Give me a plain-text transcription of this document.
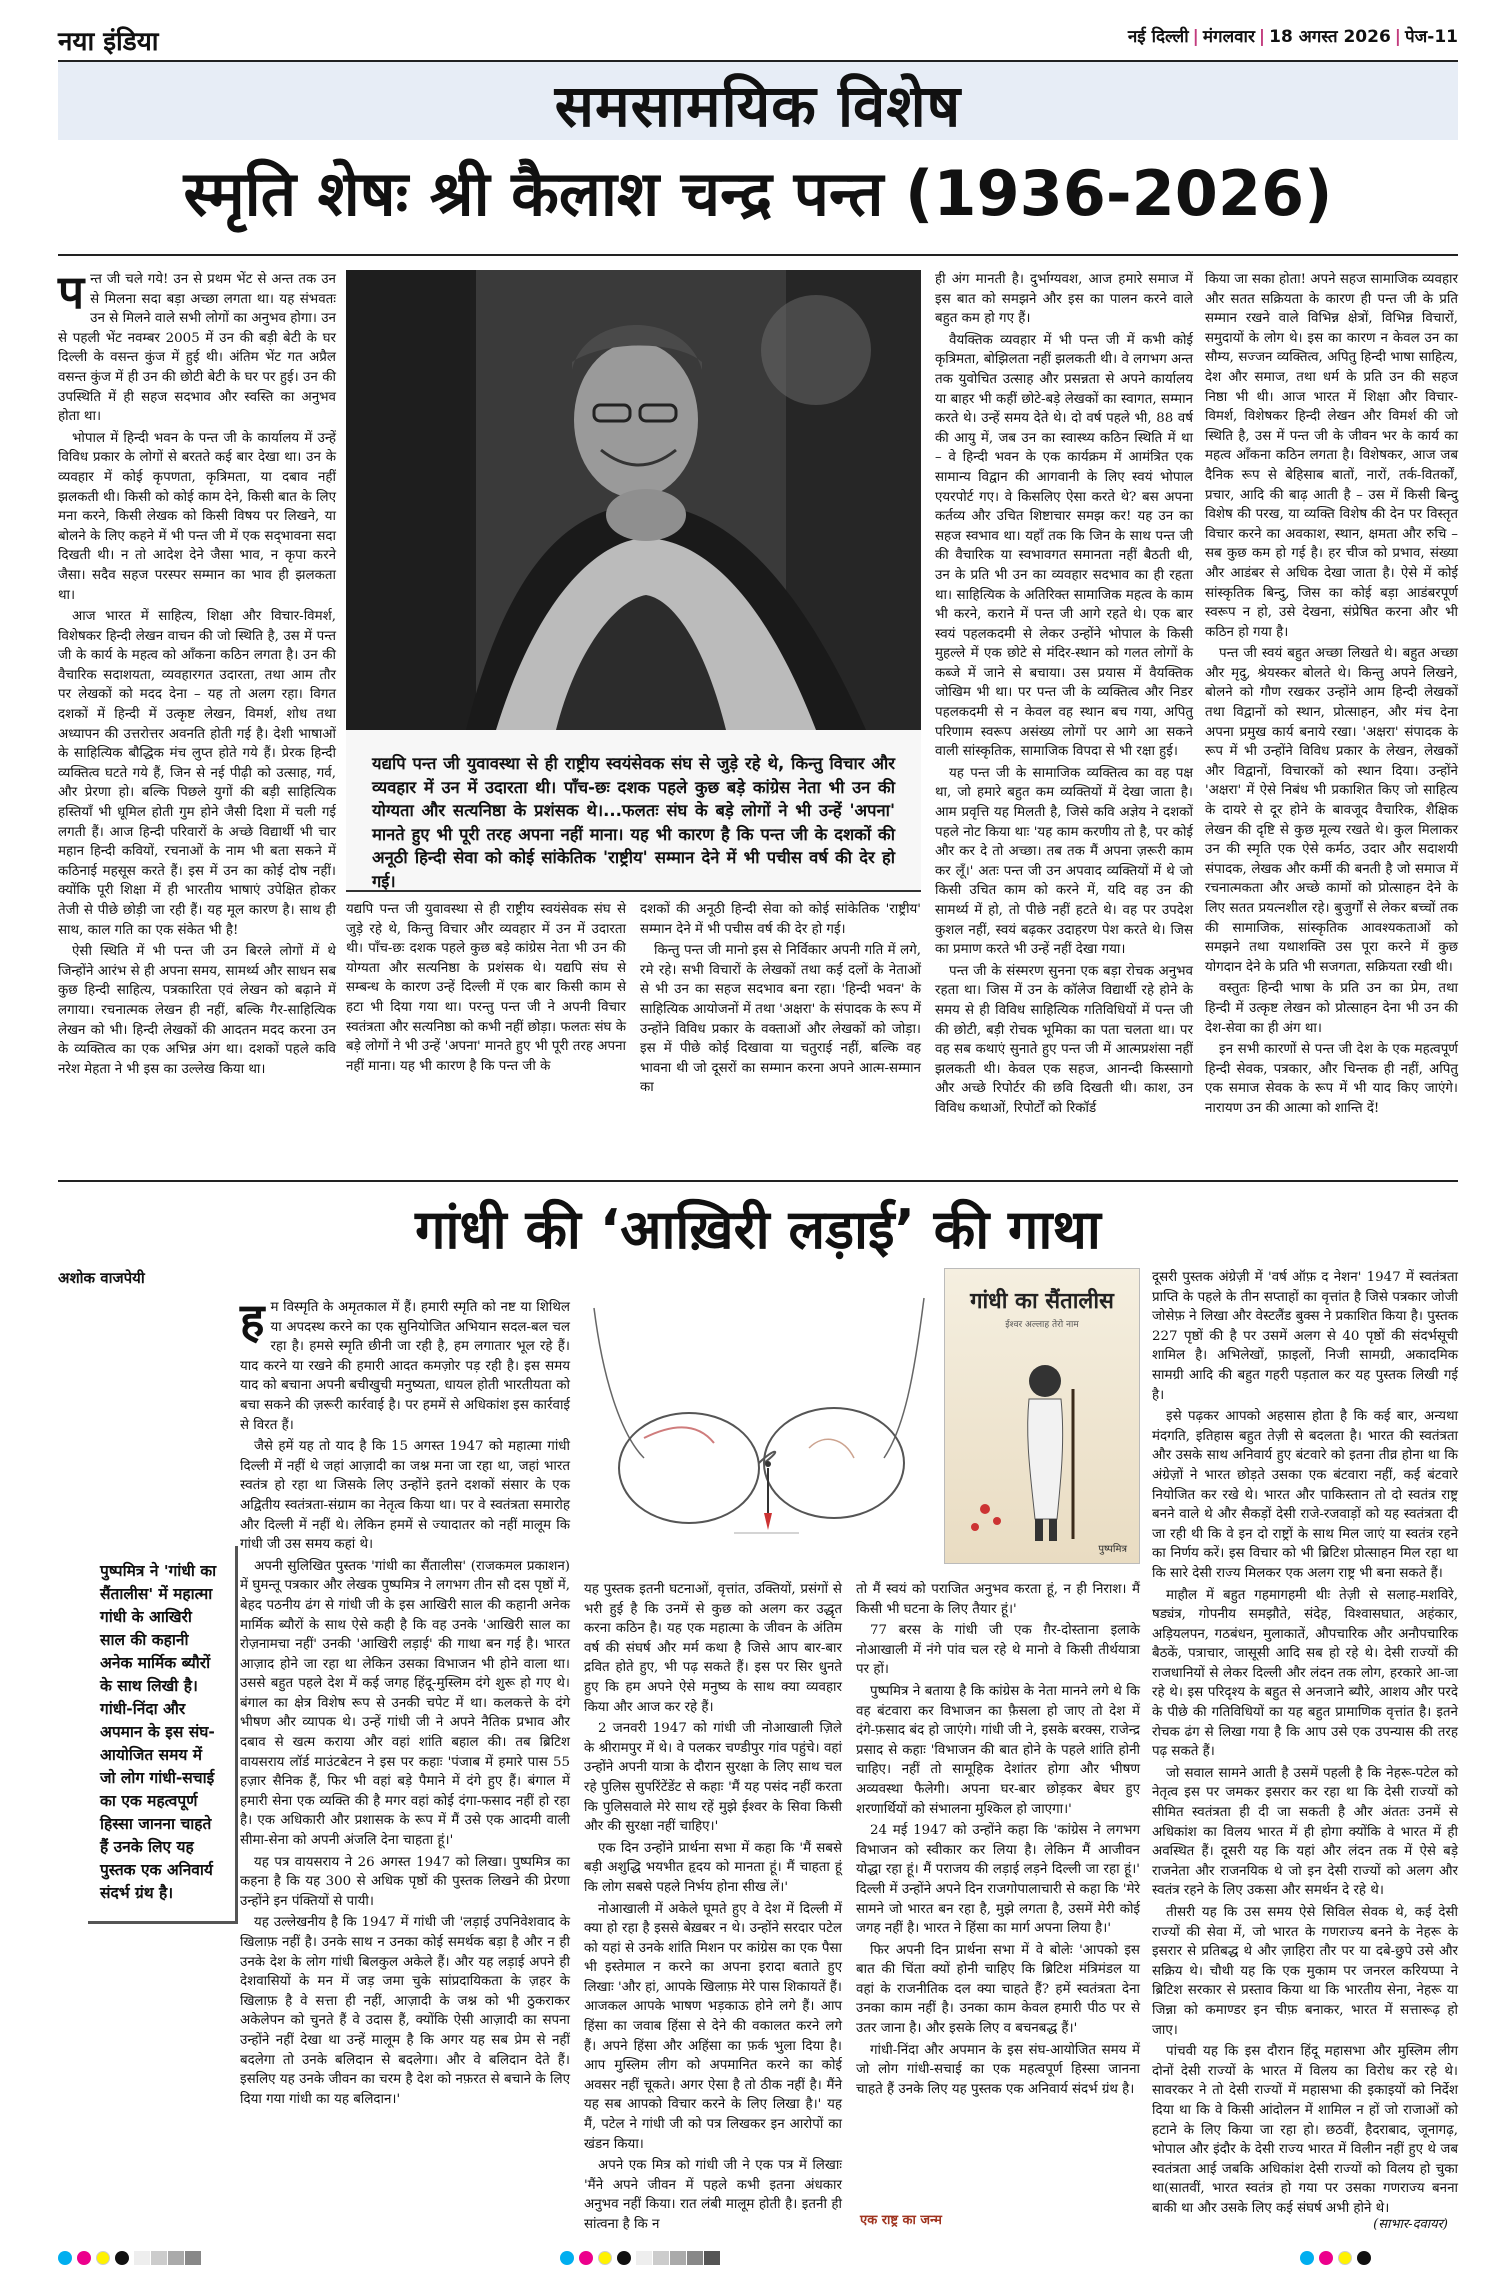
नया इंडिया	नई दिल्ली | मंगलवार | 18 अगस्त 2026 | पेज-11
समसामयिक विशेष
स्मृति शेषः श्री कैलाश चन्द्र पन्त (1936-2026)

पन्त जी चले गये! उन से प्रथम भेंट से अन्त तक उन से मिलना सदा बड़ा अच्छा लगता था। यह संभवतः उन से मिलने वाले सभी लोगों का अनुभव होगा। उन से पहली भेंट नवम्बर 2005 में उन की बड़ी बेटी के घर दिल्ली के वसन्त कुंज में हुई थी। अंतिम भेंट गत अप्रैल वसन्त कुंज में ही उन की छोटी बेटी के घर पर हुई। उन की उपस्थिति में ही सहज सदभाव और स्वस्ति का अनुभव होता था।

भोपाल में हिन्दी भवन के पन्त जी के कार्यालय में उन्हें विविध प्रकार के लोगों से बरतते कई बार देखा था। उन के व्यवहार में कोई कृपणता, कृत्रिमता, या दबाव नहीं झलकती थी। किसी को कोई काम देने, किसी बात के लिए मना करने, किसी लेखक को किसी विषय पर लिखने, या बोलने के लिए कहने में भी पन्त जी में एक सद्‌भावना सदा दिखती थी। न तो आदेश देने जैसा भाव, न कृपा करने जैसा। सदैव सहज परस्पर सम्मान का भाव ही झलकता था।

आज भारत में साहित्य, शिक्षा और विचार-विमर्श, विशेषकर हिन्दी लेखन वाचन की जो स्थिति है, उस में पन्त जी के कार्य के महत्व को आँकना कठिन लगता है। उन की वैचारिक सदाशयता, व्यवहारगत उदारता, तथा आम तौर पर लेखकों को मदद देना – यह तो अलग रहा। विगत दशकों में हिन्दी में उत्कृष्ट लेखन, विमर्श, शोध तथा अध्यापन की उत्तरोत्तर अवनति होती गई है। देशी भाषाओं के साहित्यिक बौद्धिक मंच लुप्त होते गये हैं। प्रेरक हिन्दी व्यक्तित्व घटते गये हैं, जिन से नई पीढ़ी को उत्साह, गर्व, और प्रेरणा हो। बल्कि पिछले युगों की बड़ी साहित्यिक हस्तियाँ भी धूमिल होती गुम होने जैसी दिशा में चली गई लगती हैं। आज हिन्दी परिवारों के अच्छे विद्यार्थी भी चार महान हिन्दी कवियों, रचनाओं के नाम भी बता सकने में कठिनाई महसूस करते हैं। इस में उन का कोई दोष नहीं। क्योंकि पूरी शिक्षा में ही भारतीय भाषाएं उपेक्षित होकर तेजी से पीछे छोड़ी जा रही हैं। यह मूल कारण है। साथ ही साथ, काल गति का एक संकेत भी है!

ऐसी स्थिति में भी पन्त जी उन बिरले लोगों में थे जिन्होंने आरंभ से ही अपना समय, सामर्थ्य और साधन सब कुछ हिन्दी साहित्य, पत्रकारिता एवं लेखन को बढ़ाने में लगाया। रचनात्मक लेखन ही नहीं, बल्कि गैर-साहित्यिक लेखन को भी। हिन्दी लेखकों की आदतन मदद करना उन के व्यक्तित्व का एक अभिन्न अंग था। दशकों पहले कवि नरेश मेहता ने भी इस का उल्लेख किया था।

यद्यपि पन्त जी युवावस्था से ही राष्ट्रीय स्वयंसेवक संघ से जुड़े रहे थे, किन्तु विचार और व्यवहार में उन में उदारता थी। पाँच-छः दशक पहले कुछ बड़े कांग्रेस नेता भी उन की योग्यता और सत्यनिष्ठा के प्रशंसक थे।...फलतः संघ के बड़े लोगों ने भी उन्हें 'अपना' मानते हुए भी पूरी तरह अपना नहीं माना। यह भी कारण है कि पन्त जी के दशकों की अनूठी हिन्दी सेवा को कोई सांकेतिक 'राष्ट्रीय' सम्मान देने में भी पचीस वर्ष की देर हो गई।

यद्यपि पन्त जी युवावस्था से ही राष्ट्रीय स्वयंसेवक संघ से जुड़े रहे थे, किन्तु विचार और व्यवहार में उन में उदारता थी। पाँच-छः दशक पहले कुछ बड़े कांग्रेस नेता भी उन की योग्यता और सत्यनिष्ठा के प्रशंसक थे। यद्यपि संघ से सम्बन्ध के कारण उन्हें दिल्ली में एक बार किसी काम से हटा भी दिया गया था। परन्तु पन्त जी ने अपनी विचार स्वतंत्रता और सत्यनिष्ठा को कभी नहीं छोड़ा। फलतः संघ के बड़े लोगों ने भी उन्हें 'अपना' मानते हुए भी पूरी तरह अपना नहीं माना। यह भी कारण है कि पन्त जी के

दशकों की अनूठी हिन्दी सेवा को कोई सांकेतिक 'राष्ट्रीय' सम्मान देने में भी पचीस वर्ष की देर हो गई।

किन्तु पन्त जी मानो इस से निर्विकार अपनी गति में लगे, रमे रहे। सभी विचारों के लेखकों तथा कई दलों के नेताओं से भी उन का सहज सदभाव बना रहा। 'हिन्दी भवन' के साहित्यिक आयोजनों में तथा 'अक्षरा' के संपादक के रूप में उन्होंने विविध प्रकार के वक्ताओं और लेखकों को जोड़ा। इस में पीछे कोई दिखावा या चतुराई नहीं, बल्कि वह भावना थी जो दूसरों का सम्मान करना अपने आत्म-सम्मान का

ही अंग मानती है। दुर्भाग्यवश, आज हमारे समाज में इस बात को समझने और इस का पालन करने वाले बहुत कम हो गए हैं।

वैयक्तिक व्यवहार में भी पन्त जी में कभी कोई कृत्रिमता, बोझिलता नहीं झलकती थी। वे लगभग अन्त तक युवोचित उत्साह और प्रसन्नता से अपने कार्यालय या बाहर भी कहीं छोटे-बड़े लेखकों का स्वागत, सम्मान करते थे। उन्हें समय देते थे। दो वर्ष पहले भी, 88 वर्ष की आयु में, जब उन का स्वास्थ्य कठिन स्थिति में था – वे हिन्दी भवन के एक कार्यक्रम में आमंत्रित एक सामान्य विद्वान की आगवानी के लिए स्वयं भोपाल एयरपोर्ट गए। वे किसलिए ऐसा करते थे? बस अपना कर्तव्य और उचित शिष्टाचार समझ कर! यह उन का सहज स्वभाव था। यहाँ तक कि जिन के साथ पन्त जी की वैचारिक या स्वभावगत समानता नहीं बैठती थी, उन के प्रति भी उन का व्यवहार सदभाव का ही रहता था। साहित्यिक के अतिरिक्त सामाजिक महत्व के काम भी करने, कराने में पन्त जी आगे रहते थे। एक बार स्वयं पहलकदमी से लेकर उन्होंने भोपाल के किसी मुहल्ले में एक छोटे से मंदिर-स्थान को गलत लोगों के कब्जे में जाने से बचाया। उस प्रयास में वैयक्तिक जोखिम भी था। पर पन्त जी के व्यक्तित्व और निडर पहलकदमी से न केवल वह स्थान बच गया, अपितु परिणाम स्वरूप असंख्य लोगों पर आगे आ सकने वाली सांस्कृतिक, सामाजिक विपदा से भी रक्षा हुई।

यह पन्त जी के सामाजिक व्यक्तित्व का वह पक्ष था, जो हमारे बहुत कम व्यक्तियों में देखा जाता है। आम प्रवृत्ति यह मिलती है, जिसे कवि अज्ञेय ने दशकों पहले नोट किया थाः 'यह काम करणीय तो है, पर कोई और कर दे तो अच्छा। तब तक मैं अपना ज़रूरी काम कर लूँ।' अतः पन्त जी उन अपवाद व्यक्तियों में थे जो किसी उचित काम को करने में, यदि वह उन की सामर्थ्य में हो, तो पीछे नहीं हटते थे। वह पर उपदेश कुशल नहीं, स्वयं बढ़कर उदाहरण पेश करते थे। जिस का प्रमाण करते भी उन्हें नहीं देखा गया।

पन्त जी के संस्मरण सुनना एक बड़ा रोचक अनुभव रहता था। जिस में उन के कॉलेज विद्यार्थी रहे होने के समय से ही विविध साहित्यिक गतिविधियों में पन्त जी की छोटी, बड़ी रोचक भूमिका का पता चलता था। पर वह सब कथाएं सुनाते हुए पन्त जी में आत्मप्रशंसा नहीं झलकती थी। केवल एक सहज, आनन्दी किस्सागो और अच्छे रिपोर्टर की छवि दिखती थी। काश, उन विविध कथाओं, रिपोर्टों को रिकॉर्ड

किया जा सका होता! अपने सहज सामाजिक व्यवहार और सतत सक्रियता के कारण ही पन्त जी के प्रति सम्मान रखने वाले विभिन्न क्षेत्रों, विभिन्न विचारों, समुदायों के लोग थे। इस का कारण न केवल उन का सौम्य, सज्जन व्यक्तित्व, अपितु हिन्दी भाषा साहित्य, देश और समाज, तथा धर्म के प्रति उन की सहज निष्ठा भी थी। आज भारत में शिक्षा और विचार-विमर्श, विशेषकर हिन्दी लेखन और विमर्श की जो स्थिति है, उस में पन्त जी के जीवन भर के कार्य का महत्व आँकना कठिन लगता है। विशेषकर, आज जब दैनिक रूप से बेहिसाब बातों, नारों, तर्क-वितर्कों, प्रचार, आदि की बाढ़ आती है – उस में किसी बिन्दु विशेष की परख, या व्यक्ति विशेष की देन पर विस्तृत विचार करने का अवकाश, स्थान, क्षमता और रुचि – सब कुछ कम हो गई है। हर चीज को प्रभाव, संख्या और आडंबर से अधिक देखा जाता है। ऐसे में कोई सांस्कृतिक बिन्दु, जिस का कोई बड़ा आडंबरपूर्ण स्वरूप न हो, उसे देखना, संप्रेषित करना और भी कठिन हो गया है।

पन्त जी स्वयं बहुत अच्छा लिखते थे। बहुत अच्छा और मृदु, श्रेयस्कर बोलते थे। किन्तु अपने लिखने, बोलने को गौण रखकर उन्होंने आम हिन्दी लेखकों तथा विद्वानों को स्थान, प्रोत्साहन, और मंच देना अपना प्रमुख कार्य बनाये रखा। 'अक्षरा' संपादक के रूप में भी उन्होंने विविध प्रकार के लेखन, लेखकों और विद्वानों, विचारकों को स्थान दिया। उन्होंने 'अक्षरा' में ऐसे निबंध भी प्रकाशित किए जो साहित्य के दायरे से दूर होने के बावजूद वैचारिक, शैक्षिक लेखन की दृष्टि से कुछ मूल्य रखते थे। कुल मिलाकर उन की स्मृति एक ऐसे कर्मठ, उदार और सदाशयी संपादक, लेखक और कर्मी की बनती है जो समाज में रचनात्मकता और अच्छे कामों को प्रोत्साहन देने के लिए सतत प्रयत्नशील रहे। बुजुर्गों से लेकर बच्चों तक की सामाजिक, सांस्कृतिक आवश्यकताओं को समझने तथा यथाशक्ति उस पूरा करने में कुछ योगदान देने के प्रति भी सजगता, सक्रियता रखी थी।

वस्तुतः हिन्दी भाषा के प्रति उन का प्रेम, तथा हिन्दी में उत्कृष्ट लेखन को प्रोत्साहन देना भी उन की देश-सेवा का ही अंग था।

इन सभी कारणों से पन्त जी देश के एक महत्वपूर्ण हिन्दी सेवक, पत्रकार, और चिन्तक ही नहीं, अपितु एक समाज सेवक के रूप में भी याद किए जाएंगे। नारायण उन की आत्मा को शान्ति दें!

गांधी की ‘आख़िरी लड़ाई’ की गाथा
अशोक वाजपेयी

हम विस्मृति के अमृतकाल में हैं। हमारी स्मृति को नष्ट या शिथिल या अपदस्थ करने का एक सुनियोजित अभियान सदल-बल चल रहा है। हमसे स्मृति छीनी जा रही है, हम लगातार भूल रहे हैं। याद करने या रखने की हमारी आदत कमज़ोर पड़ रही है। इस समय याद को बचाना अपनी बचीखुची मनुष्यता, धायल होती भारतीयता को बचा सकने की ज़रूरी कार्रवाई है। पर हममें से अधिकांश इस कार्रवाई से विरत हैं।

जैसे हमें यह तो याद है कि 15 अगस्त 1947 को महात्मा गांधी दिल्ली में नहीं थे जहां आज़ादी का जश्न मना जा रहा था, जहां भारत स्वतंत्र हो रहा था जिसके लिए उन्होंने इतने दशकों संसार के एक अद्वितीय स्वतंत्रता-संग्राम का नेतृत्व किया था। पर वे स्वतंत्रता समारोह और दिल्ली में नहीं थे। लेकिन हममें से ज्यादातर को नहीं मालूम कि गांधी जी उस समय कहां थे।

अपनी सुलिखित पुस्तक 'गांधी का सैंतालीस' (राजकमल प्रकाशन) में घुमन्तू पत्रकार और लेखक पुष्पमित्र ने लगभग तीन सौ दस पृष्ठों में, बेहद पठनीय ढंग से गांधी जी के इस आखिरी साल की कहानी अनेक मार्मिक ब्यौरों के साथ ऐसे कही है कि वह उनके 'आखिरी साल का रोज़नामचा नहीं' उनकी 'आखिरी लड़ाई' की गाथा बन गई है। भारत आज़ाद होने जा रहा था लेकिन उसका विभाजन भी होने वाला था। उससे बहुत पहले देश में कई जगह हिंदू-मुस्लिम दंगे शुरू हो गए थे। बंगाल का क्षेत्र विशेष रूप से उनकी चपेट में था। कलकत्ते के दंगे भीषण और व्यापक थे। उन्हें गांधी जी ने अपने नैतिक प्रभाव और दबाव से खत्म कराया और वहां शांति बहाल की। तब ब्रिटिश वायसराय लॉर्ड माउंटबेटन ने इस पर कहाः 'पंजाब में हमारे पास 55 हज़ार सैनिक हैं, फिर भी वहां बड़े पैमाने में दंगे हुए हैं। बंगाल में हमारी सेना एक व्यक्ति की है मगर वहां कोई दंगा-फसाद नहीं हो रहा है। एक अधिकारी और प्रशासक के रूप में मैं उसे एक आदमी वाली सीमा-सेना को अपनी अंजलि देना चाहता हूं।'

यह पत्र वायसराय ने 26 अगस्त 1947 को लिखा। पुष्पमित्र का कहना है कि यह 300 से अधिक पृष्ठों की पुस्तक लिखने की प्रेरणा उन्होंने इन पंक्तियों से पायी।

यह उल्लेखनीय है कि 1947 में गांधी जी 'लड़ाई उपनिवेशवाद के खिलाफ़ नहीं है। उनके साथ न उनका कोई समर्थक बड़ा है और न ही उनके देश के लोग गांधी बिलकुल अकेले हैं। और यह लड़ाई अपने ही देशवासियों के मन में जड़ जमा चुके सांप्रदायिकता के ज़हर के खिलाफ़ है वे सत्ता ही नहीं, आज़ादी के जश्न को भी ठुकराकर अकेलेपन को चुनते हैं वे उदास हैं, क्योंकि ऐसी आज़ादी का सपना उन्होंने नहीं देखा था उन्हें मालूम है कि अगर यह सब प्रेम से नहीं बदलेगा तो उनके बलिदान से बदलेगा। और वे बलिदान देते हैं। इसलिए यह उनके जीवन का चरम है देश को नफ़रत से बचाने के लिए दिया गया गांधी का यह बलिदान।'

पुष्पमित्र ने 'गांधी का सैंतालीस' में महात्मा गांधी के आखिरी साल की कहानी अनेक मार्मिक ब्यौरों के साथ लिखी है। गांधी-निंदा और अपमान के इस संघ-आयोजित समय में जो लोग गांधी-सचाई का एक महत्वपूर्ण हिस्सा जानना चाहते हैं उनके लिए यह पुस्तक एक अनिवार्य संदर्भ ग्रंथ है।

यह पुस्तक इतनी घटनाओं, वृत्तांत, उक्तियों, प्रसंगों से भरी हुई है कि उनमें से कुछ को अलग कर उद्धृत करना कठिन है। यह एक महात्मा के जीवन के अंतिम वर्ष की संघर्ष और मर्म कथा है जिसे आप बार-बार द्रवित होते हुए, भी पढ़ सकते हैं। इस पर सिर धुनते हुए कि हम अपने ऐसे मनुष्य के साथ क्या व्यवहार किया और आज कर रहे हैं।

2 जनवरी 1947 को गांधी जी नोआखाली ज़िले के श्रीरामपुर में थे। वे पलकर चण्डीपुर गांव पहुंचे। वहां उन्होंने अपनी यात्रा के दौरान सुरक्षा के लिए साथ चल रहे पुलिस सुपरिंटेंडेंट से कहाः 'मैं यह पसंद नहीं करता कि पुलिसवाले मेरे साथ रहें मुझे ईश्वर के सिवा किसी और की सुरक्षा नहीं चाहिए।'

एक दिन उन्होंने प्रार्थना सभा में कहा कि 'मैं सबसे बड़ी अशुद्धि भयभीत हृदय को मानता हूं। मैं चाहता हूं कि लोग सबसे पहले निर्भय होना सीख लें।'

नोआखाली में अकेले घूमते हुए वे देश में दिल्ली में क्या हो रहा है इससे बेख़बर न थे। उन्होंने सरदार पटेल को यहां से उनके शांति मिशन पर कांग्रेस का एक पैसा भी इस्तेमाल न करने का अपना इरादा बताते हुए लिखाः 'और हां, आपके खिलाफ़ मेरे पास शिकायतें हैं। आजकल आपके भाषण भड़काऊ होने लगे हैं। आप हिंसा का जवाब हिंसा से देने की वकालत करने लगे हैं। अपने हिंसा और अहिंसा का फ़र्क भुला दिया है। आप मुस्लिम लीग को अपमानित करने का कोई अवसर नहीं चूकते। अगर ऐसा है तो ठीक नहीं है। मैंने यह सब आपको विचार करने के लिए लिखा है।' यह मैं, पटेल ने गांधी जी को पत्र लिखकर इन आरोपों का खंडन किया।

अपने एक मित्र को गांधी जी ने एक पत्र में लिखाः 'मैंने अपने जीवन में पहले कभी इतना अंधकार अनुभव नहीं किया। रात लंबी मालूम होती है। इतनी ही सांत्वना है कि न

गांधी का सैंतालीस
ईश्वर अल्लाह तेरो नाम
पुष्पमित्र

तो मैं स्वयं को पराजित अनुभव करता हूं, न ही निराश। मैं किसी भी घटना के लिए तैयार हूं।'

77 बरस के गांधी जी एक ग़ैर-दोस्ताना इलाके नोआखाली में नंगे पांव चल रहे थे मानो वे किसी तीर्थयात्रा पर हों।

पुष्पमित्र ने बताया है कि कांग्रेस के नेता मानने लगे थे कि वह बंटवारा कर विभाजन का फ़ैसला हो जाए तो देश में दंगे-फ़साद बंद हो जाएंगे। गांधी जी ने, इसके बरक्स, राजेन्द्र प्रसाद से कहाः 'विभाजन की बात होने के पहले शांति होनी चाहिए। नहीं तो सामूहिक देशांतर होगा और भीषण अव्यवस्था फैलेगी। अपना घर-बार छोड़कर बेघर हुए शरणार्थियों को संभालना मुश्किल हो जाएगा।'

24 मई 1947 को उन्होंने कहा कि 'कांग्रेस ने लगभग विभाजन को स्वीकार कर लिया है। लेकिन मैं आजीवन योद्धा रहा हूं। मैं पराजय की लड़ाई लड़ने दिल्ली जा रहा हूं।' दिल्ली में उन्होंने अपने दिन राजगोपालाचारी से कहा कि 'मेरे सामने जो भारत बन रहा है, मुझे लगता है, उसमें मेरी कोई जगह नहीं है। भारत ने हिंसा का मार्ग अपना लिया है।'

फिर अपनी दिन प्रार्थना सभा में वे बोलेः 'आपको इस बात की चिंता क्यों होनी चाहिए कि ब्रिटिश मंत्रिमंडल या वहां के राजनीतिक दल क्या चाहते हैं? हमें स्वतंत्रता देना उनका काम नहीं है। उनका काम केवल हमारी पीठ पर से उतर जाना है। और इसके लिए व बचनबद्ध हैं।'

गांधी-निंदा और अपमान के इस संघ-आयोजित समय में जो लोग गांधी-सचाई का एक महत्वपूर्ण हिस्सा जानना चाहते हैं उनके लिए यह पुस्तक एक अनिवार्य संदर्भ ग्रंथ है।

दूसरी पुस्तक अंग्रेज़ी में 'वर्ष ऑफ़ द नेशन' 1947 में स्वतंत्रता प्राप्ति के पहले के तीन सप्ताहों का वृत्तांत है जिसे पत्रकार जोजी जोसेफ़ ने लिखा और वेस्टलैंड बुक्स ने प्रकाशित किया है। पुस्तक 227 पृष्ठों की है पर उसमें अलग से 40 पृष्ठों की संदर्भसूची शामिल है। अभिलेखों, फ़ाइलों, निजी सामग्री, अकादमिक सामग्री आदि की बहुत गहरी पड़ताल कर यह पुस्तक लिखी गई है।

इसे पढ़कर आपको अहसास होता है कि कई बार, अन्यथा मंदगति, इतिहास बहुत तेज़ी से बदलता है। भारत की स्वतंत्रता और उसके साथ अनिवार्य हुए बंटवारे को इतना तीव्र होना था कि अंग्रेज़ों ने भारत छोड़ते उसका एक बंटवारा नहीं, कई बंटवारे नियोजित कर रखे थे। भारत और पाकिस्तान तो दो स्वतंत्र राष्ट्र बनने वाले थे और सैकड़ों देसी राजे-रजवाड़ों को यह स्वतंत्रता दी जा रही थी कि वे इन दो राष्ट्रों के साथ मिल जाएं या स्वतंत्र रहने का निर्णय करें। इस विचार को भी ब्रिटिश प्रोत्साहन मिल रहा था कि सारे देसी राज्य मिलकर एक अलग राष्ट्र भी बना सकते हैं।

माहौल में बहुत गहमागहमी थीः तेज़ी से सलाह-मशविरे, षड्यंत्र, गोपनीय समझौते, संदेह, विश्वासघात, अहंकार, अड़ियलपन, गठबंधन, मुलाकातें, औपचारिक और अनौपचारिक बैठकें, पत्राचार, जासूसी आदि सब हो रहे थे। देसी राज्यों की राजधानियों से लेकर दिल्ली और लंदन तक लोग, हरकारे आ-जा रहे थे। इस परिदृश्य के बहुत से अनजाने ब्यौरे, आशय और परदे के पीछे की गतिविधियों का यह बहुत प्रामाणिक वृत्तांत है। इतने रोचक ढंग से लिखा गया है कि आप उसे एक उपन्यास की तरह पढ़ सकते हैं।

जो सवाल सामने आती है उसमें पहली है कि नेहरू-पटेल को नेतृत्व इस पर जमकर इसरार कर रहा था कि देसी राज्यों को सीमित स्वतंत्रता ही दी जा सकती है और अंततः उनमें से अधिकांश का विलय भारत में ही होगा क्योंकि वे भारत में ही अवस्थित हैं। दूसरी यह कि यहां और लंदन तक में ऐसे बड़े राजनेता और राजनयिक थे जो इन देसी राज्यों को अलग और स्वतंत्र रहने के लिए उकसा और समर्थन दे रहे थे।

तीसरी यह कि उस समय ऐसे सिविल सेवक थे, कई देसी राज्यों की सेवा में, जो भारत के गणराज्य बनने के नेहरू के इसरार से प्रतिबद्ध थे और ज़ाहिरा तौर पर या दबे-छुपे उसे और सक्रिय थे। चौथी यह कि एक मुकाम पर जनरल करियप्पा ने ब्रिटिश सरकार से प्रस्ताव किया था कि भारतीय सेना, नेहरू या जिन्ना को कमाण्डर इन चीफ़ बनाकर, भारत में सत्तारूढ़ हो जाए।

पांचवी यह कि इस दौरान हिंदू महासभा और मुस्लिम लीग दोनों देसी राज्यों के भारत में विलय का विरोध कर रहे थे। सावरकर ने तो देसी राज्यों में महासभा की इकाइयों को निर्देश दिया था कि वे किसी आंदोलन में शामिल न हों जो राजाओं को हटाने के लिए किया जा रहा हो। छठवीं, हैदराबाद, जूनागढ़, भोपाल और इंदौर के देसी राज्य भारत में विलीन नहीं हुए थे जब स्वतंत्रता आई जबकि अधिकांश देसी राज्यों को विलय हो चुका था(सातवीं, भारत स्वतंत्र हो गया पर उसका गणराज्य बनना बाकी था और उसके लिए कई संघर्ष अभी होने थे।

एक राष्ट्र का जन्म	(साभार-दवायर)
